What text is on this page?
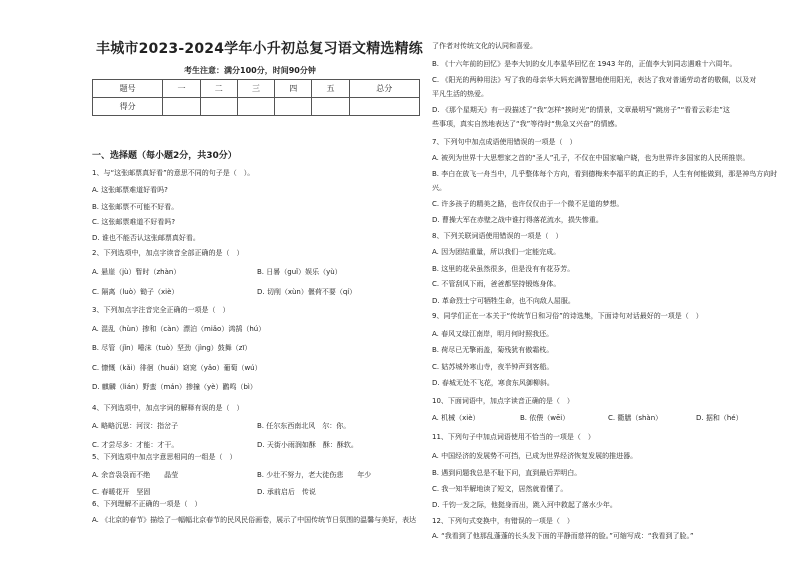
丰城市2023-2024学年小升初总复习语文精选精练
考生注意：满分100分，时间90分钟
题号	一	二	三	四	五	总分
得分						
一、选择题（每小题2分，共30分）
1、与“这张邮票真好看”的意思不同的句子是（　）。
A. 这张邮票难道好看吗?
B. 这张邮票不可能不好看。
C. 这张邮票难道不好看吗?
D. 谁也不能否认这张邮票真好看。
2、下列选项中，加点字读音全部正确的是（　）
A. 悬崖（jù）暂时（zhàn）	B. 日晷（guǐ）娱乐（yù）
C. 隔离（luò）锄子（xiè）	D. 切削（xùn）偃荷不要（qí）
3、下列加点字注音完全正确的一项是（　）
A. 混乱（hùn）掺和（càn）漂泊（miǎo）鸿鹄（hú）
B. 尽管（jǐn）唾沫（tuò）坚劲（jìng）鼓舞（zī）
C. 慷慨（kǎi）徘徊（huái）窈窕（yǎo）葡萄（wú）
D. 麒麟（lián）野蛮（mán）掺撞（yè）鹳鸣（bì）
4、下列选项中，加点字词的解释有误的是（　）
A. 略略沉思：河汊：指岔子	B. 任尔东西南北风　尔：你。
C. 才尝尽多：才能：才干。	D. 天街小雨润如酥　酥：酥软。
5、下列选项中加点字意思相同的一组是（　）
A. 余音袅袅而不绝　　晶莹	B. 少壮不努力，老大徒伤悲　　年少
C. 春暖花开　坚固	D. 承前启后　传说
6、下列理解不正确的一项是（　）
A. 《北京的春节》描绘了一幅幅北京春节的民风民俗画卷，展示了中国传统节日氛围的温馨与美好，表达
了作者对传统文化的认同和喜爱。
B. 《十六年前的回忆》是李大钊的女儿李星华回忆在 1943 年的，正值李大钊同志遇难十六周年。
C. 《阳光的两种用法》写了我的母亲华大妈充满智慧地使用阳光，表达了我对普通劳动者的敬佩，以及对
平凡生活的热爱。
D. 《那个星期天》有一段描述了“我”怎样“挨时光”的情景，文章最明写“跳房子”“看看云彩走”这
些事项，真实自然地表达了“我”等待时“焦急又兴奋”的情感。
7、下列句中加点成语使用错误的一项是（　）
A. 被列为世界十大思想家之首的“圣人”孔子，不仅在中国家喻户晓，也为世界许多国家的人民所推崇。
B. 李白在放飞一舟当中，几乎整体每个方向，看到德梅来李福平的真正的手，人生有何能做到，那是神鸟方向时
兴。
C. 许多孩子的精美之路，也许仅仅由于一个微不足道的梦想。
D. 曹操大军在赤壁之战中谁打得落花流水，损失惨重。
8、下列关联词语使用错误的一项是（　）
A. 因为团结重量，所以我们一定能完成。
B. 这里的花朵虽然很多，但是没有有花芬芳。
C. 不管刮风下雨，爸爸都坚持锻炼身体。
D. 革命烈士宁可牺牲生命，也不向敌人屈服。
9、同学们正在一本关于“传统节日和习俗”的诗选集，下面诗句对话最好的一项是（　）
A. 春风又绿江南岸，明月何时照我还。
B. 荷尽已无擎雨盖，菊残犹有傲霜枝。
C. 姑苏城外寒山寺，夜半钟声到客船。
D. 春城无处不飞花，寒食东风御柳斜。
10、下面词语中，加点字读音正确的是（　）
A. 机械（xiè）	B. 依偎（wēi）	C. 衢膳（shàn）	D. 据和（hé）
11、下列句子中加点词语使用不恰当的一项是（　）
A. 中国经济的发展势不可挡，已成为世界经济恢复发展的推进器。
B. 遇到问题我总是不耻下问，直到最后弄明白。
C. 我一知半解地读了短文，居然就看懂了。
D. 千钧一发之际，他挺身而出，跳入河中救起了落水少年。
12、下列句式变换中，有错误的一项是（　）
A. “我看到了他那乱蓬蓬的长头发下面的平静而慈祥的脸。”可缩写成：“我看到了脸。”
